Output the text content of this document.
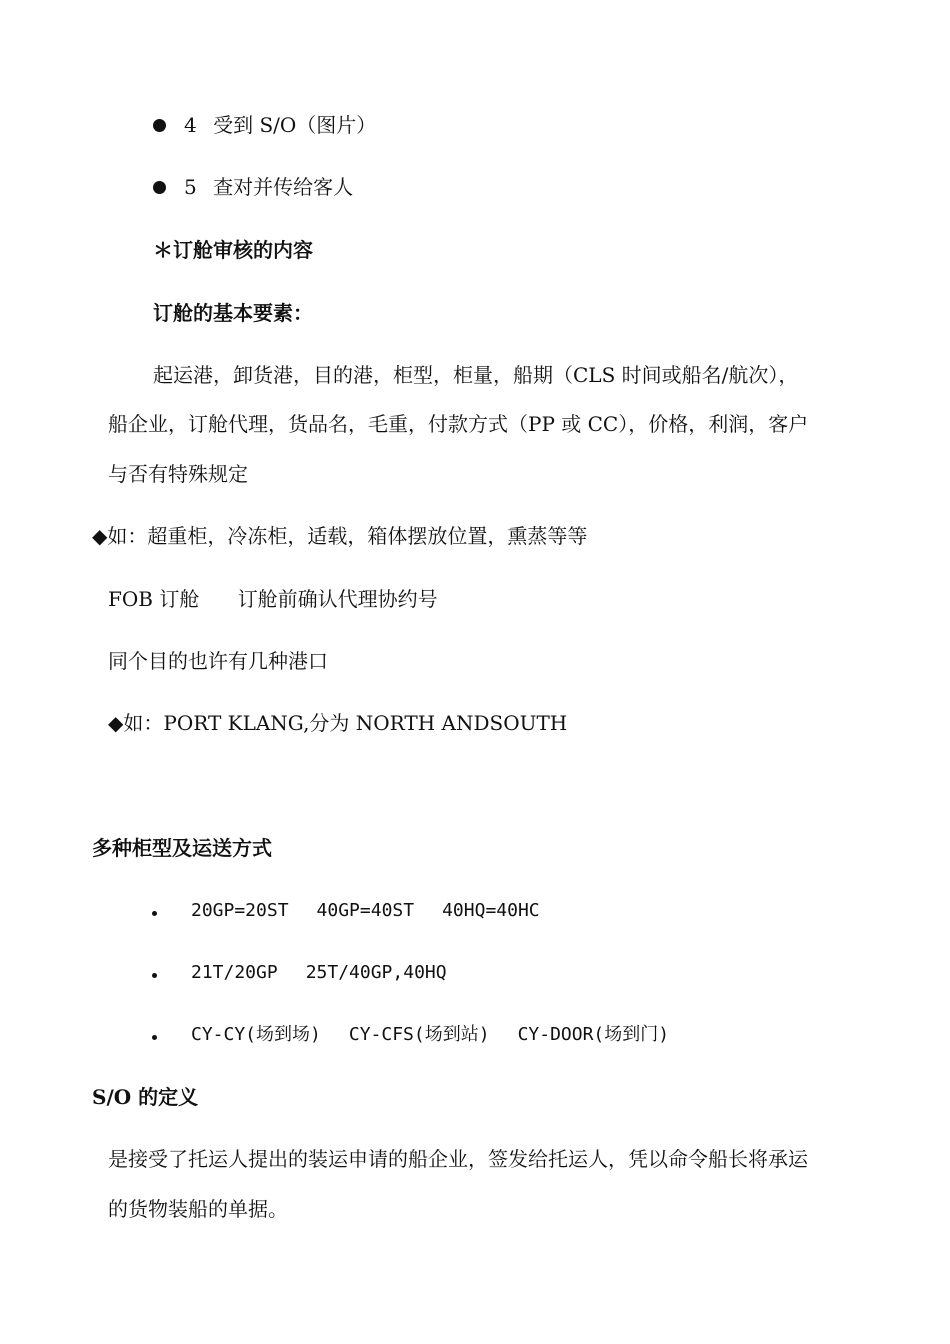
4 受到 S/O（图片）
5 查对并传给客人
＊订舱审核的内容
订舱的基本要素：
起运港，卸货港，目的港，柜型，柜量，船期（CLS 时间或船名/航次），
船企业，订舱代理，货品名，毛重，付款方式（PP 或 CC），价格，利润，客户
与否有特殊规定
◆如：超重柜，冷冻柜，适载，箱体摆放位置，熏蒸等等
FOB 订舱 订舱前确认代理协约号
同个目的也许有几种港口
◆如：PORT KLANG,分为 NORTH ANDSOUTH
多种柜型及运送方式
20GP=20ST 40GP=40ST 40HQ=40HC
21T/20GP 25T/40GP,40HQ
CY-CY(场到场) CY-CFS(场到站) CY-DOOR(场到门)
S/O 的定义
是接受了托运人提出的装运申请的船企业，签发给托运人，凭以命令船长将承运
的货物装船的单据。
